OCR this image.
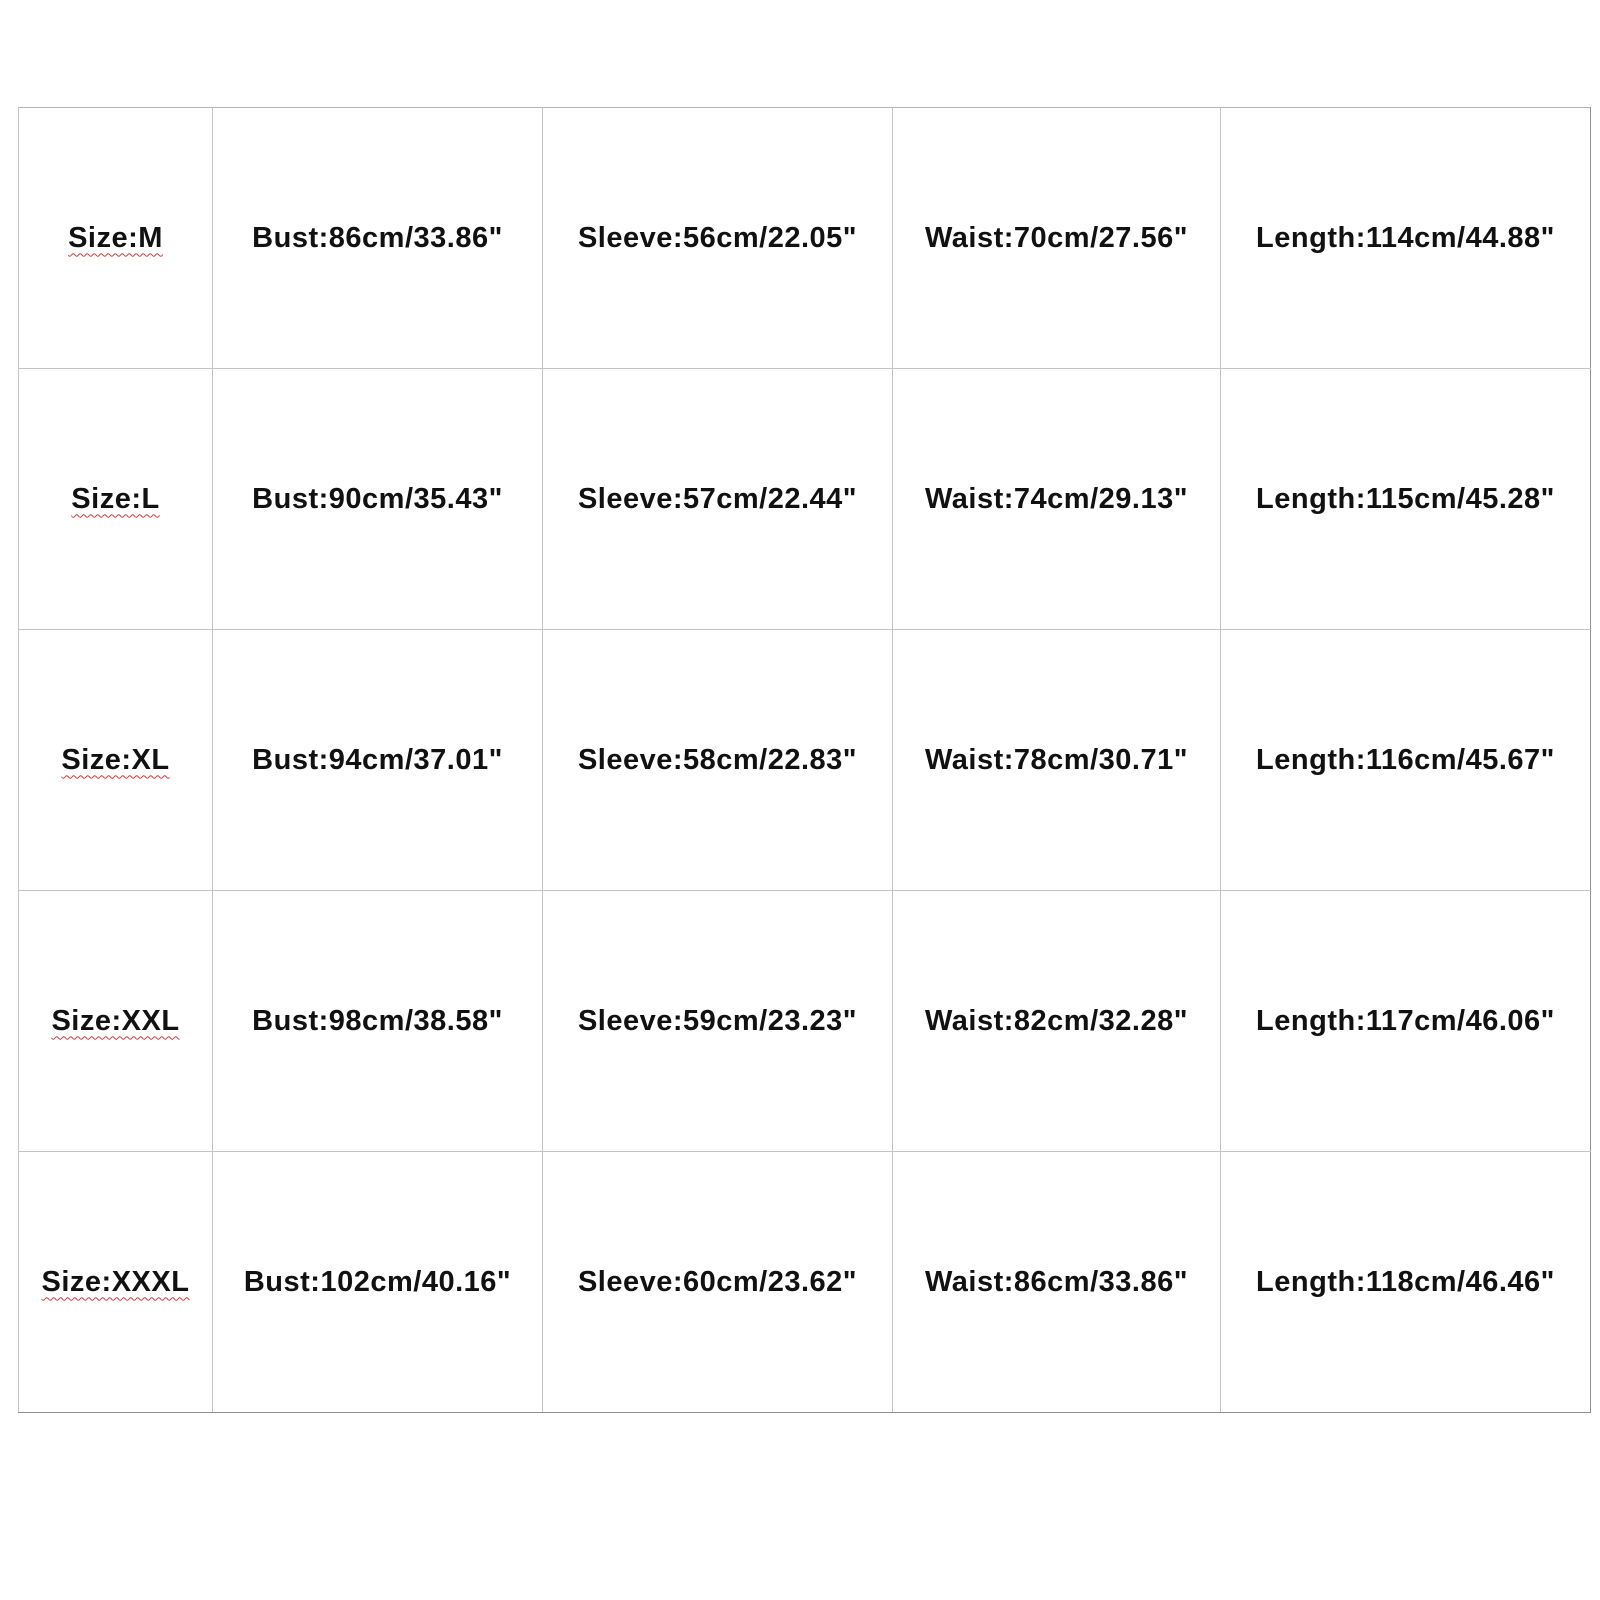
Size:M	Bust:86cm/33.86"	Sleeve:56cm/22.05"	Waist:70cm/27.56"	Length:114cm/44.88"
Size:L	Bust:90cm/35.43"	Sleeve:57cm/22.44"	Waist:74cm/29.13"	Length:115cm/45.28"
Size:XL	Bust:94cm/37.01"	Sleeve:58cm/22.83"	Waist:78cm/30.71"	Length:116cm/45.67"
Size:XXL	Bust:98cm/38.58"	Sleeve:59cm/23.23"	Waist:82cm/32.28"	Length:117cm/46.06"
Size:XXXL	Bust:102cm/40.16"	Sleeve:60cm/23.62"	Waist:86cm/33.86"	Length:118cm/46.46"
